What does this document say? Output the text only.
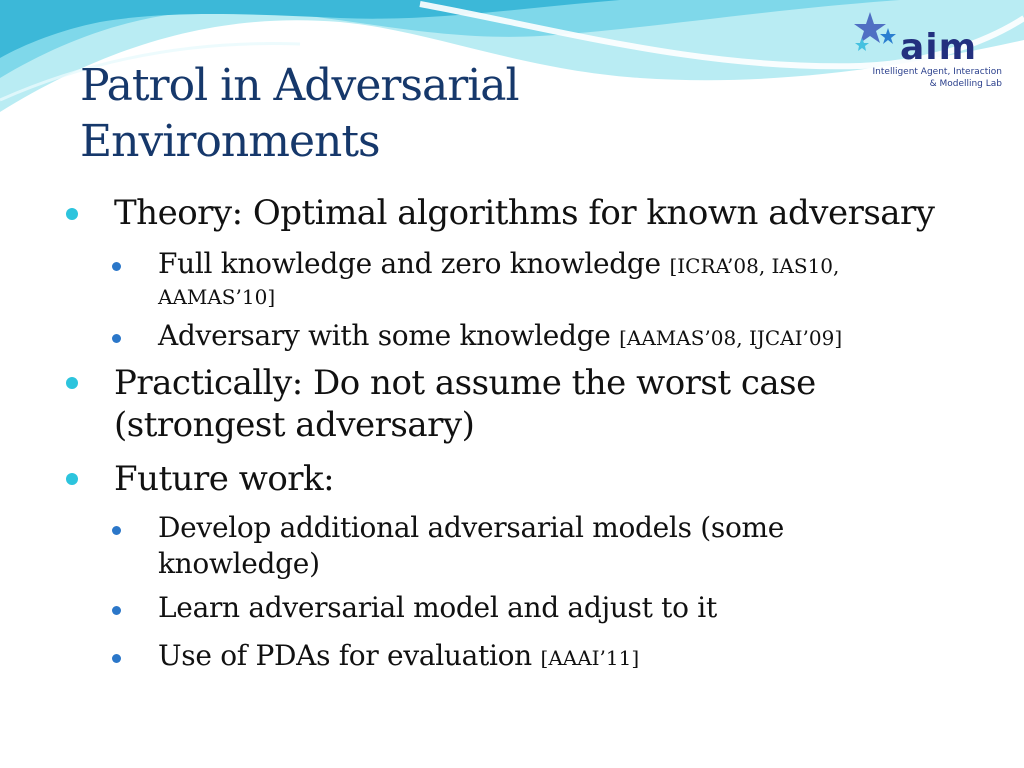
Patrol in Adversarial
Environments
aim
Intelligent Agent, Interaction
& Modelling Lab
Theory: Optimal algorithms for known adversary
Full knowledge and zero knowledge [ICRA’08, IAS10,
AAMAS’10]
Adversary with some knowledge [AAMAS’08, IJCAI’09]
Practically: Do not assume the worst case
(strongest adversary)
Future work:
Develop additional adversarial models (some
knowledge)
Learn adversarial model and adjust to it
Use of PDAs for evaluation [AAAI’11]
